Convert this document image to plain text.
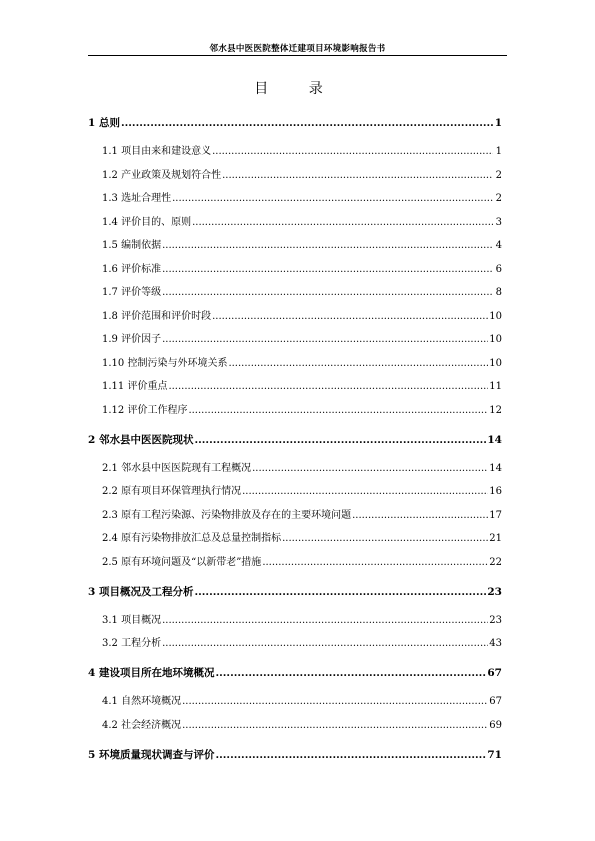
邻水县中医医院整体迁建项目环境影响报告书
目 录
1 总则 .....	1
1.1 项目由来和建设意义 .....	1
1.2 产业政策及规划符合性 .....	2
1.3 选址合理性 .....	2
1.4 评价目的、原则 .....	3
1.5 编制依据 .....	4
1.6 评价标准 .....	6
1.7 评价等级 .....	8
1.8 评价范围和评价时段 .....	10
1.9 评价因子 .....	10
1.10 控制污染与外环境关系 .....	10
1.11 评价重点 .....	11
1.12 评价工作程序 .....	12
2 邻水县中医医院现状 .....	14
2.1 邻水县中医医院现有工程概况 .....	14
2.2 原有项目环保管理执行情况 .....	16
2.3 原有工程污染源、污染物排放及存在的主要环境问题 .....	17
2.4 原有污染物排放汇总及总量控制指标 .....	21
2.5 原有环境问题及“以新带老”措施 .....	22
3 项目概况及工程分析 .....	23
3.1 项目概况 .....	23
3.2 工程分析 .....	43
4 建设项目所在地环境概况 .....	67
4.1 自然环境概况 .....	67
4.2 社会经济概况 .....	69
5 环境质量现状调查与评价 .....	71
